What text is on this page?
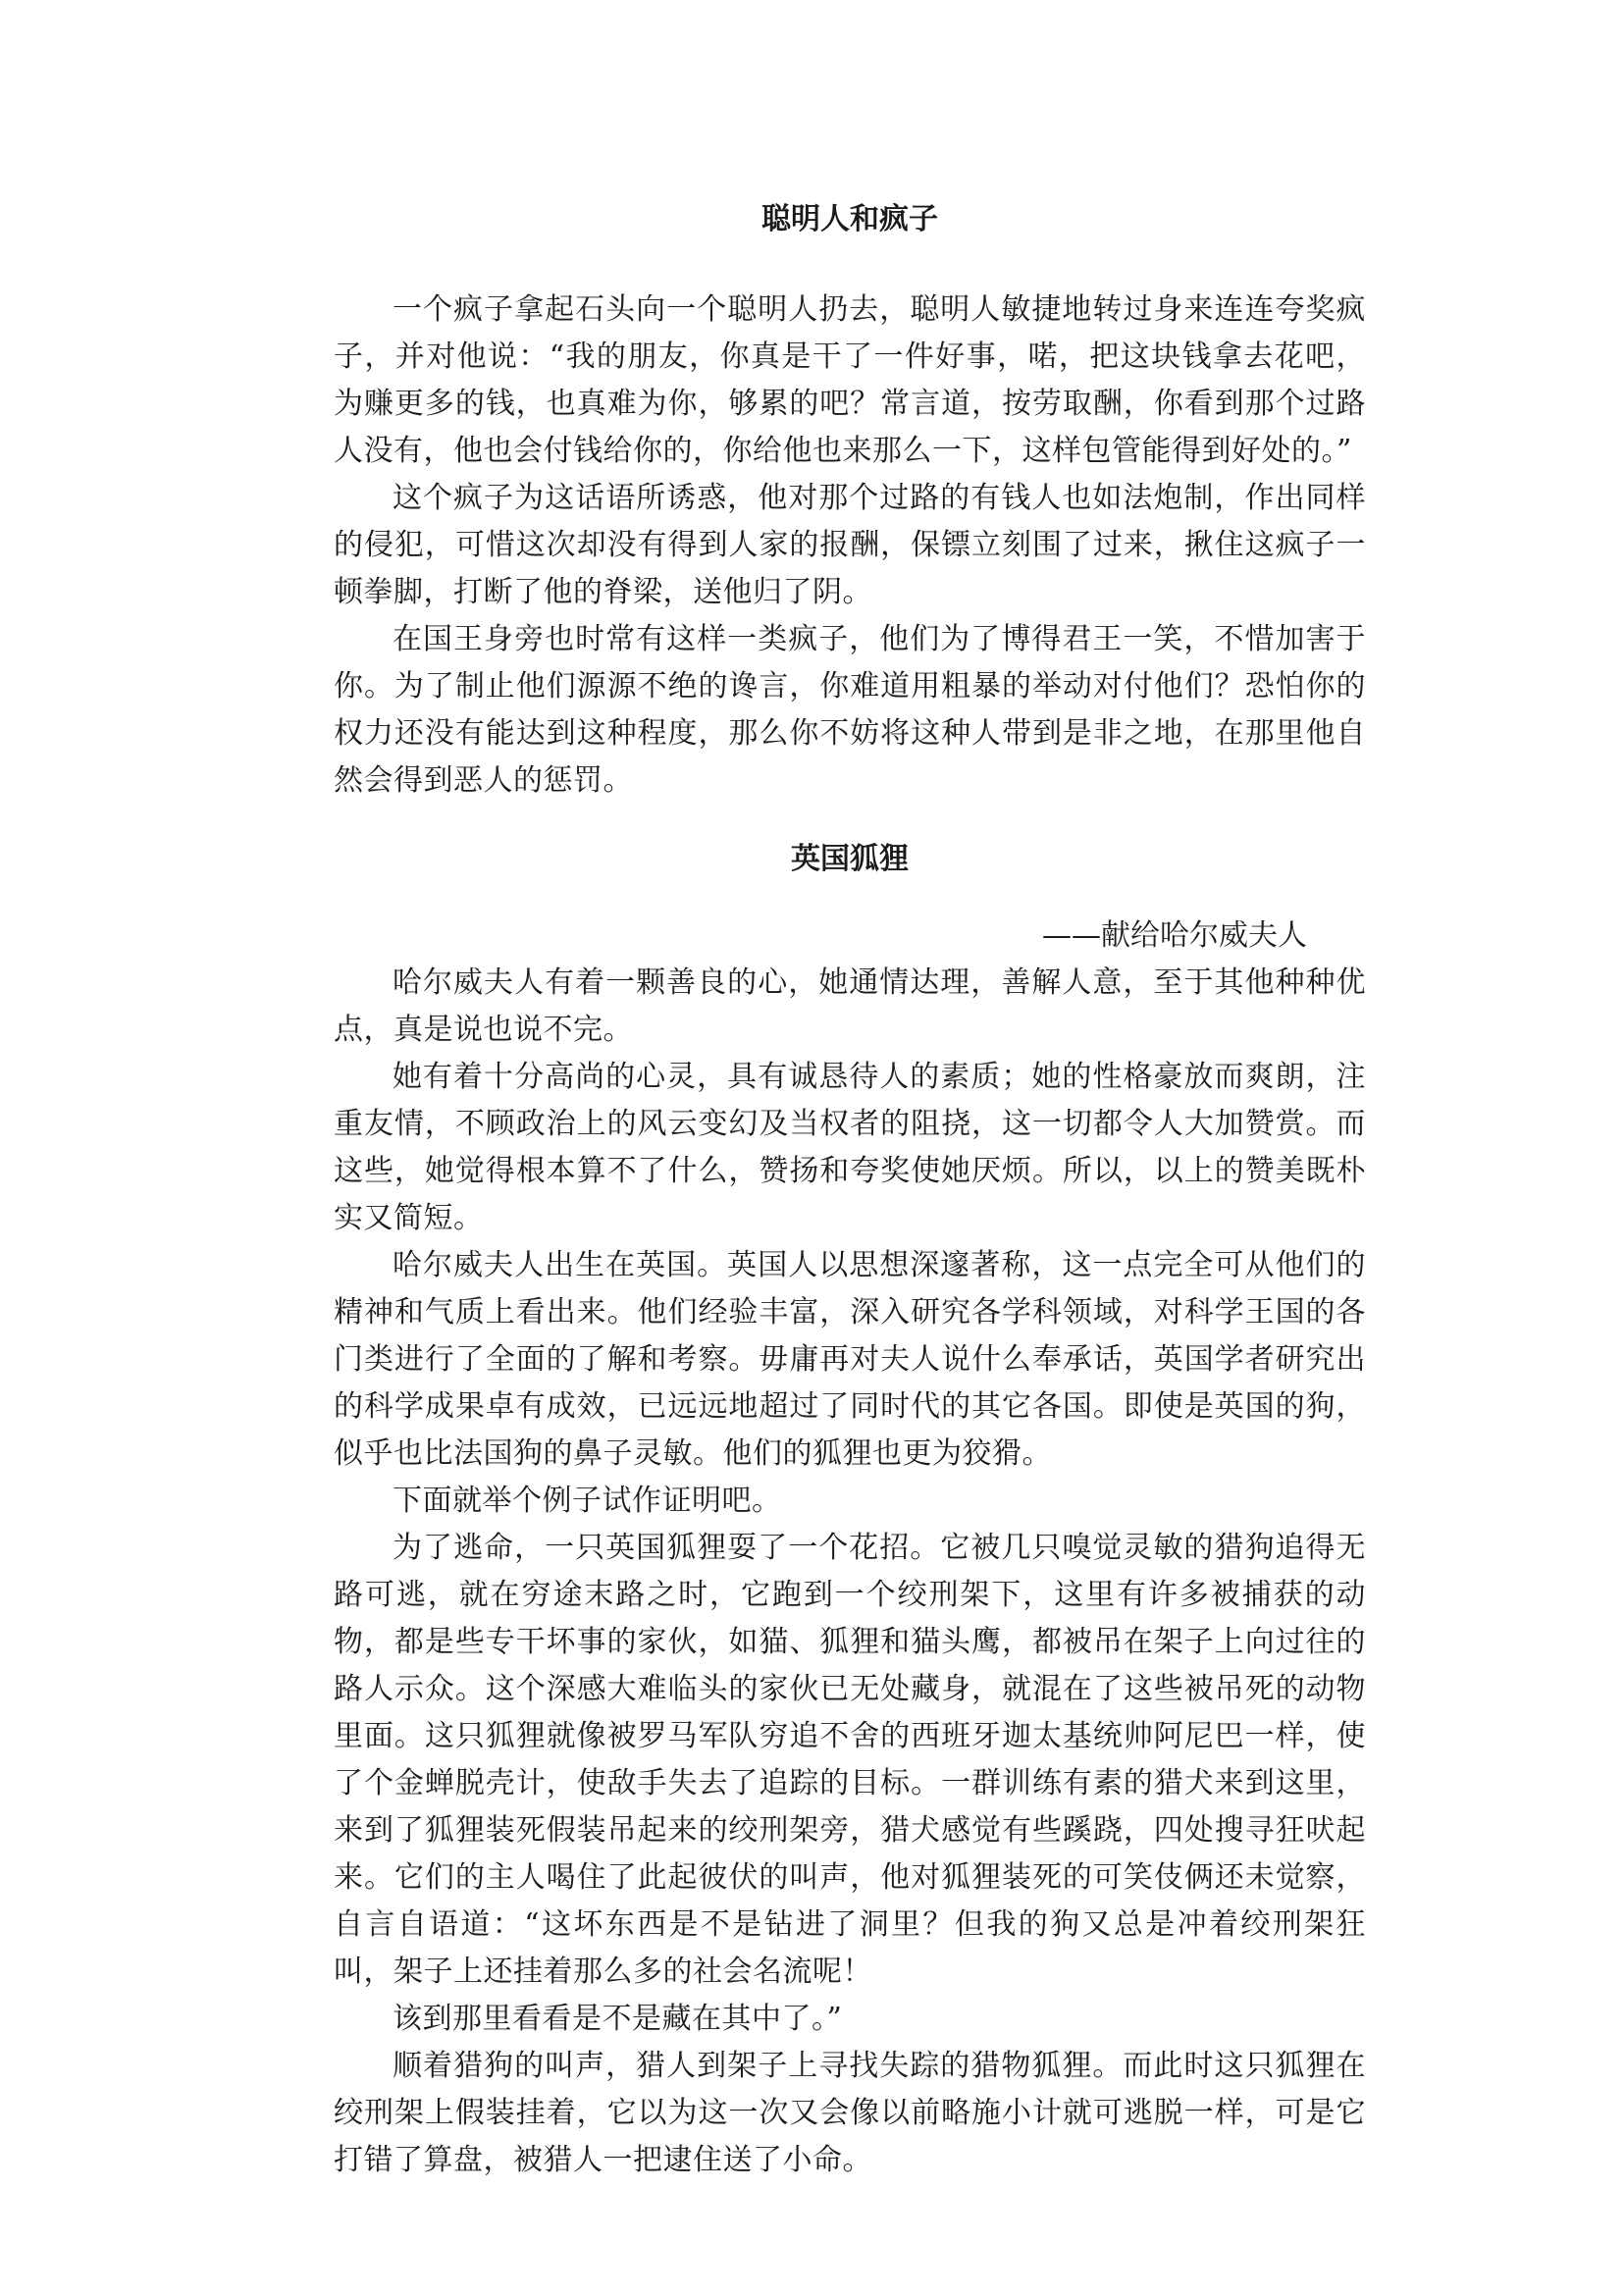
聪明人和疯子

一个疯子拿起石头向一个聪明人扔去，聪明人敏捷地转过身来连连夸奖疯子，并对他说：“我的朋友，你真是干了一件好事，喏，把这块钱拿去花吧，为赚更多的钱，也真难为你，够累的吧？常言道，按劳取酬，你看到那个过路人没有，他也会付钱给你的，你给他也来那么一下，这样包管能得到好处的。”

这个疯子为这话语所诱惑，他对那个过路的有钱人也如法炮制，作出同样的侵犯，可惜这次却没有得到人家的报酬，保镖立刻围了过来，揪住这疯子一顿拳脚，打断了他的脊梁，送他归了阴。

在国王身旁也时常有这样一类疯子，他们为了博得君王一笑，不惜加害于你。为了制止他们源源不绝的谗言，你难道用粗暴的举动对付他们？恐怕你的权力还没有能达到这种程度，那么你不妨将这种人带到是非之地，在那里他自然会得到恶人的惩罚。

英国狐狸

——献给哈尔威夫人

哈尔威夫人有着一颗善良的心，她通情达理，善解人意，至于其他种种优点，真是说也说不完。

她有着十分高尚的心灵，具有诚恳待人的素质；她的性格豪放而爽朗，注重友情，不顾政治上的风云变幻及当权者的阻挠，这一切都令人大加赞赏。而这些，她觉得根本算不了什么，赞扬和夸奖使她厌烦。所以，以上的赞美既朴实又简短。

哈尔威夫人出生在英国。英国人以思想深邃著称，这一点完全可从他们的精神和气质上看出来。他们经验丰富，深入研究各学科领域，对科学王国的各门类进行了全面的了解和考察。毋庸再对夫人说什么奉承话，英国学者研究出的科学成果卓有成效，已远远地超过了同时代的其它各国。即使是英国的狗，似乎也比法国狗的鼻子灵敏。他们的狐狸也更为狡猾。

下面就举个例子试作证明吧。

为了逃命，一只英国狐狸耍了一个花招。它被几只嗅觉灵敏的猎狗追得无路可逃，就在穷途末路之时，它跑到一个绞刑架下，这里有许多被捕获的动物，都是些专干坏事的家伙，如猫、狐狸和猫头鹰，都被吊在架子上向过往的路人示众。这个深感大难临头的家伙已无处藏身，就混在了这些被吊死的动物里面。这只狐狸就像被罗马军队穷追不舍的西班牙迦太基统帅阿尼巴一样，使了个金蝉脱壳计，使敌手失去了追踪的目标。一群训练有素的猎犬来到这里，来到了狐狸装死假装吊起来的绞刑架旁，猎犬感觉有些蹊跷，四处搜寻狂吠起来。它们的主人喝住了此起彼伏的叫声，他对狐狸装死的可笑伎俩还未觉察，自言自语道：“这坏东西是不是钻进了洞里？但我的狗又总是冲着绞刑架狂叫，架子上还挂着那么多的社会名流呢！

该到那里看看是不是藏在其中了。”

顺着猎狗的叫声，猎人到架子上寻找失踪的猎物狐狸。而此时这只狐狸在绞刑架上假装挂着，它以为这一次又会像以前略施小计就可逃脱一样，可是它打错了算盘，被猎人一把逮住送了小命。
